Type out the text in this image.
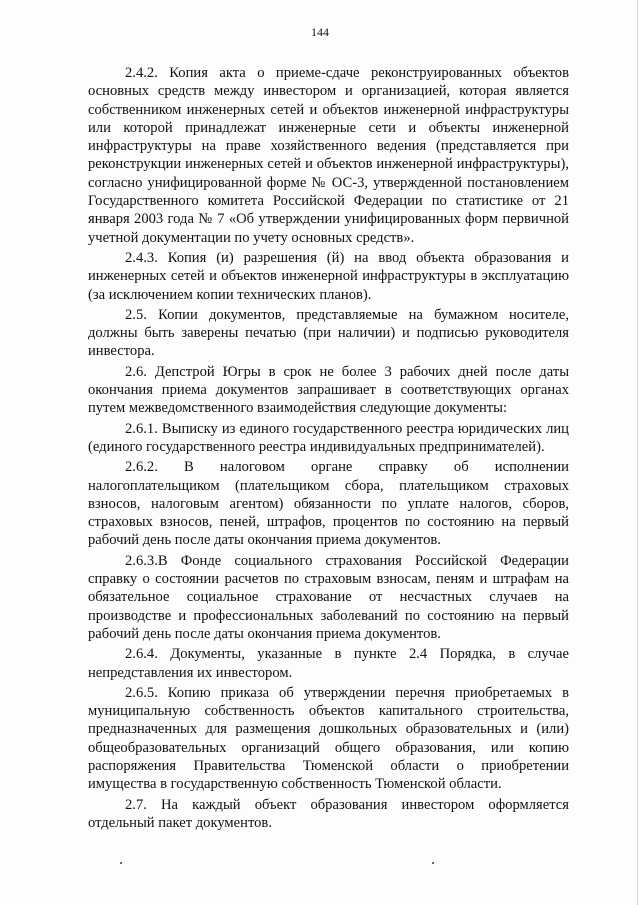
144

2.4.2. Копия акта о приеме-сдаче реконструированных объектов основных средств между инвестором и организацией, которая является собственником инженерных сетей и объектов инженерной инфраструктуры или которой принадлежат инженерные сети и объекты инженерной инфраструктуры на праве хозяйственного ведения (представляется при реконструкции инженерных сетей и объектов инженерной инфраструктуры), согласно унифицированной форме № ОС-3, утвержденной постановлением Государственного комитета Российской Федерации по статистике от 21 января 2003 года № 7 «Об утверждении унифицированных форм первичной учетной документации по учету основных средств».

2.4.3. Копия (и) разрешения (й) на ввод объекта образования и инженерных сетей и объектов инженерной инфраструктуры в эксплуатацию (за исключением копии технических планов).

2.5. Копии документов, представляемые на бумажном носителе, должны быть заверены печатью (при наличии) и подписью руководителя инвестора.

2.6. Депстрой Югры в срок не более 3 рабочих дней после даты окончания приема документов запрашивает в соответствующих органах путем межведомственного взаимодействия следующие документы:

2.6.1. Выписку из единого государственного реестра юридических лиц (единого государственного реестра индивидуальных предпринимателей).

2.6.2. В налоговом органе справку об исполнении налогоплательщиком (плательщиком сбора, плательщиком страховых взносов, налоговым агентом) обязанности по уплате налогов, сборов, страховых взносов, пеней, штрафов, процентов по состоянию на первый рабочий день после даты окончания приема документов.

2.6.3.В Фонде социального страхования Российской Федерации справку о состоянии расчетов по страховым взносам, пеням и штрафам на обязательное социальное страхование от несчастных случаев на производстве и профессиональных заболеваний по состоянию на первый рабочий день после даты окончания приема документов.

2.6.4. Документы, указанные в пункте 2.4 Порядка, в случае непредставления их инвестором.

2.6.5. Копию приказа об утверждении перечня приобретаемых в муниципальную собственность объектов капитального строительства, предназначенных для размещения дошкольных образовательных и (или) общеобразовательных организаций общего образования, или копию распоряжения Правительства Тюменской области о приобретении имущества в государственную собственность Тюменской области.

2.7. На каждый объект образования инвестором оформляется отдельный пакет документов.
